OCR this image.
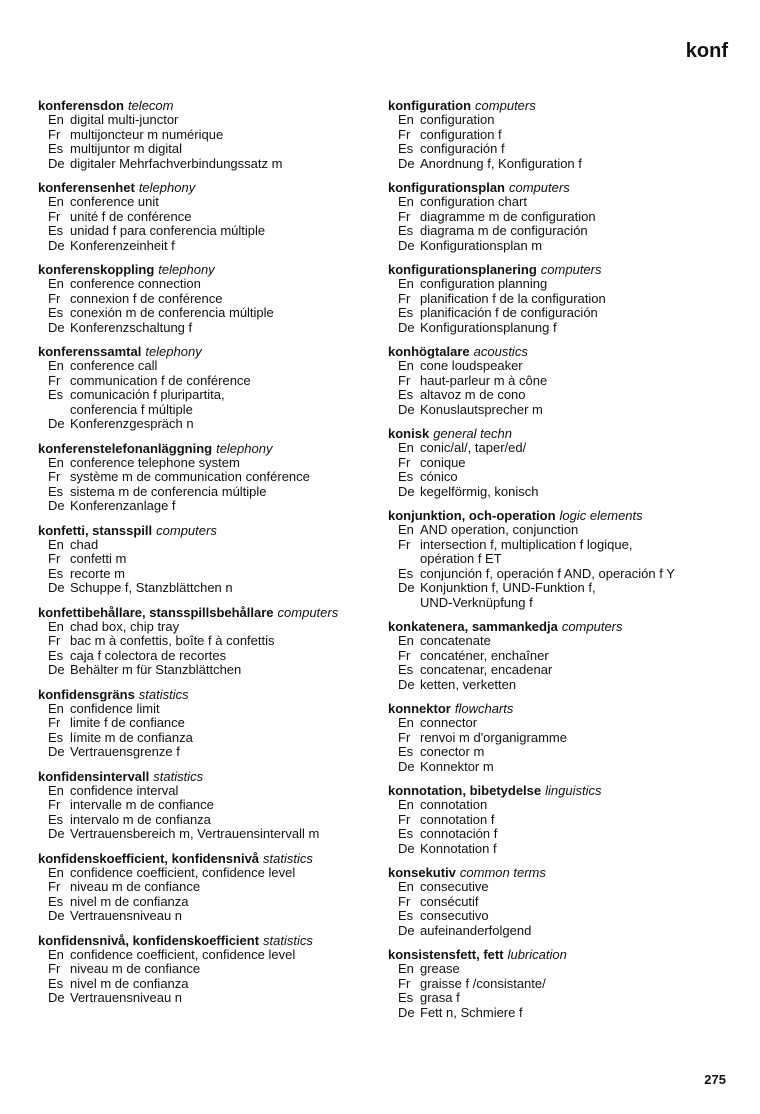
konf
konferensdon telecom
En digital multi-junctor
Fr multijoncteur m numérique
Es multijuntor m digital
De digitaler Mehrfachverbindungssatz m
konferensenhet telephony
En conference unit
Fr unité f de conférence
Es unidad f para conferencia múltiple
De Konferenzeinheit f
konferenskoppling telephony
En conference connection
Fr connexion f de conférence
Es conexión m de conferencia múltiple
De Konferenzschaltung f
konferenssamtal telephony
En conference call
Fr communication f de conférence
Es comunicación f pluripartita,
conferencia f múltiple
De Konferenzgespräch n
konferenstelefonanläggning telephony
En conference telephone system
Fr système m de communication conférence
Es sistema m de conferencia múltiple
De Konferenzanlage f
konfetti, stansspill computers
En chad
Fr confetti m
Es recorte m
De Schuppe f, Stanzblättchen n
konfettibehållare, stansspillsbehållare computers
En chad box, chip tray
Fr bac m à confettis, boîte f à confettis
Es caja f colectora de recortes
De Behälter m für Stanzblättchen
konfidensgräns statistics
En confidence limit
Fr limite f de confiance
Es límite m de confianza
De Vertrauensgrenze f
konfidensintervall statistics
En confidence interval
Fr intervalle m de confiance
Es intervalo m de confianza
De Vertrauensbereich m, Vertrauensintervall m
konfidenskoefficient, konfidensnivå statistics
En confidence coefficient, confidence level
Fr niveau m de confiance
Es nivel m de confianza
De Vertrauensniveau n
konfidensnivå, konfidenskoefficient statistics
En confidence coefficient, confidence level
Fr niveau m de confiance
Es nivel m de confianza
De Vertrauensniveau n
konfiguration computers
En configuration
Fr configuration f
Es configuración f
De Anordnung f, Konfiguration f
konfigurationsplan computers
En configuration chart
Fr diagramme m de configuration
Es diagrama m de configuración
De Konfigurationsplan m
konfigurationsplanering computers
En configuration planning
Fr planification f de la configuration
Es planificación f de configuración
De Konfigurationsplanung f
konhögtalare acoustics
En cone loudspeaker
Fr haut-parleur m à cône
Es altavoz m de cono
De Konuslautsprecher m
konisk general techn
En conic/al/, taper/ed/
Fr conique
Es cónico
De kegelförmig, konisch
konjunktion, och-operation logic elements
En AND operation, conjunction
Fr intersection f, multiplication f logique,
opération f ET
Es conjunción f, operación f AND, operación f Y
De Konjunktion f, UND-Funktion f,
UND-Verknüpfung f
konkatenera, sammankedja computers
En concatenate
Fr concaténer, enchaîner
Es concatenar, encadenar
De ketten, verketten
konnektor flowcharts
En connector
Fr renvoi m d'organigramme
Es conector m
De Konnektor m
konnotation, bibetydelse linguistics
En connotation
Fr connotation f
Es connotación f
De Konnotation f
konsekutiv common terms
En consecutive
Fr consécutif
Es consecutivo
De aufeinanderfolgend
konsistensfett, fett lubrication
En grease
Fr graisse f /consistante/
Es grasa f
De Fett n, Schmiere f
275
